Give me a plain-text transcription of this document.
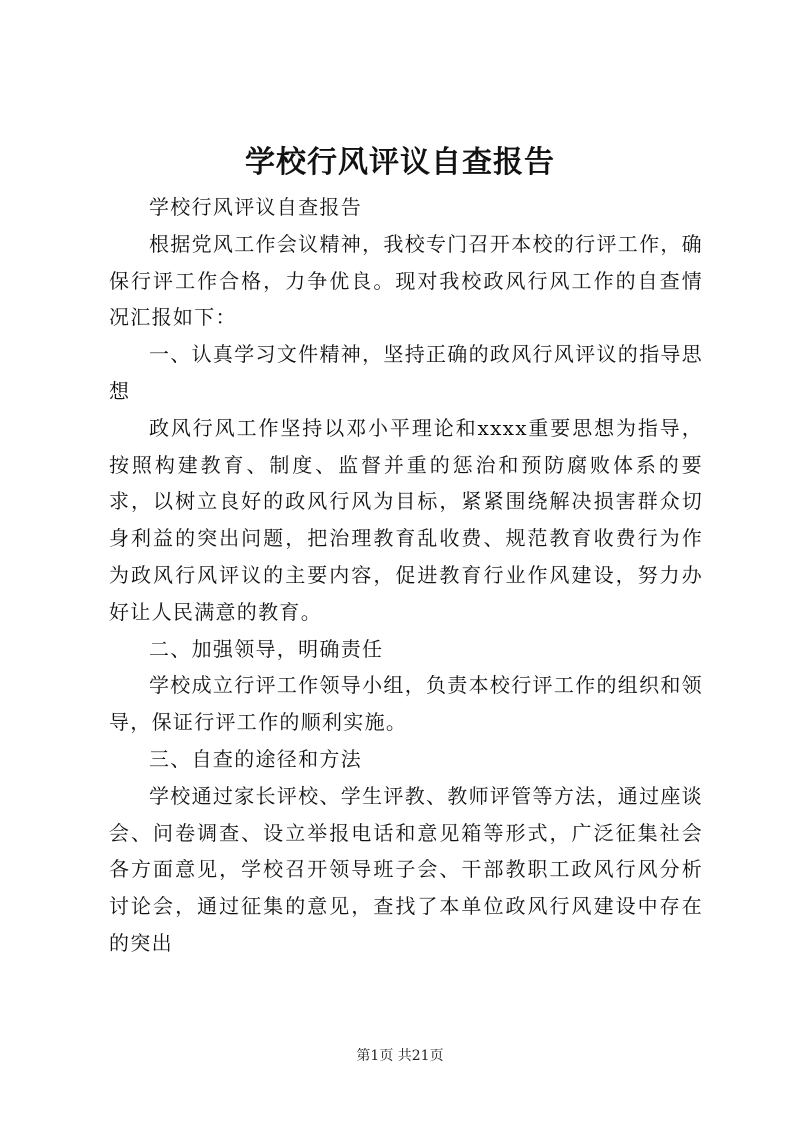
学校行风评议自查报告

学校行风评议自查报告

根据党风工作会议精神，我校专门召开本校的行评工作，确保行评工作合格，力争优良。现对我校政风行风工作的自查情况汇报如下：

一、认真学习文件精神，坚持正确的政风行风评议的指导思想

政风行风工作坚持以邓小平理论和xxxx重要思想为指导，按照构建教育、制度、监督并重的惩治和预防腐败体系的要求，以树立良好的政风行风为目标，紧紧围绕解决损害群众切身利益的突出问题，把治理教育乱收费、规范教育收费行为作为政风行风评议的主要内容，促进教育行业作风建设，努力办好让人民满意的教育。

二、加强领导，明确责任

学校成立行评工作领导小组，负责本校行评工作的组织和领导，保证行评工作的顺利实施。

三、自查的途径和方法

学校通过家长评校、学生评教、教师评管等方法，通过座谈会、问卷调查、设立举报电话和意见箱等形式，广泛征集社会各方面意见，学校召开领导班子会、干部教职工政风行风分析讨论会，通过征集的意见，查找了本单位政风行风建设中存在的突出

第1页 共21页
